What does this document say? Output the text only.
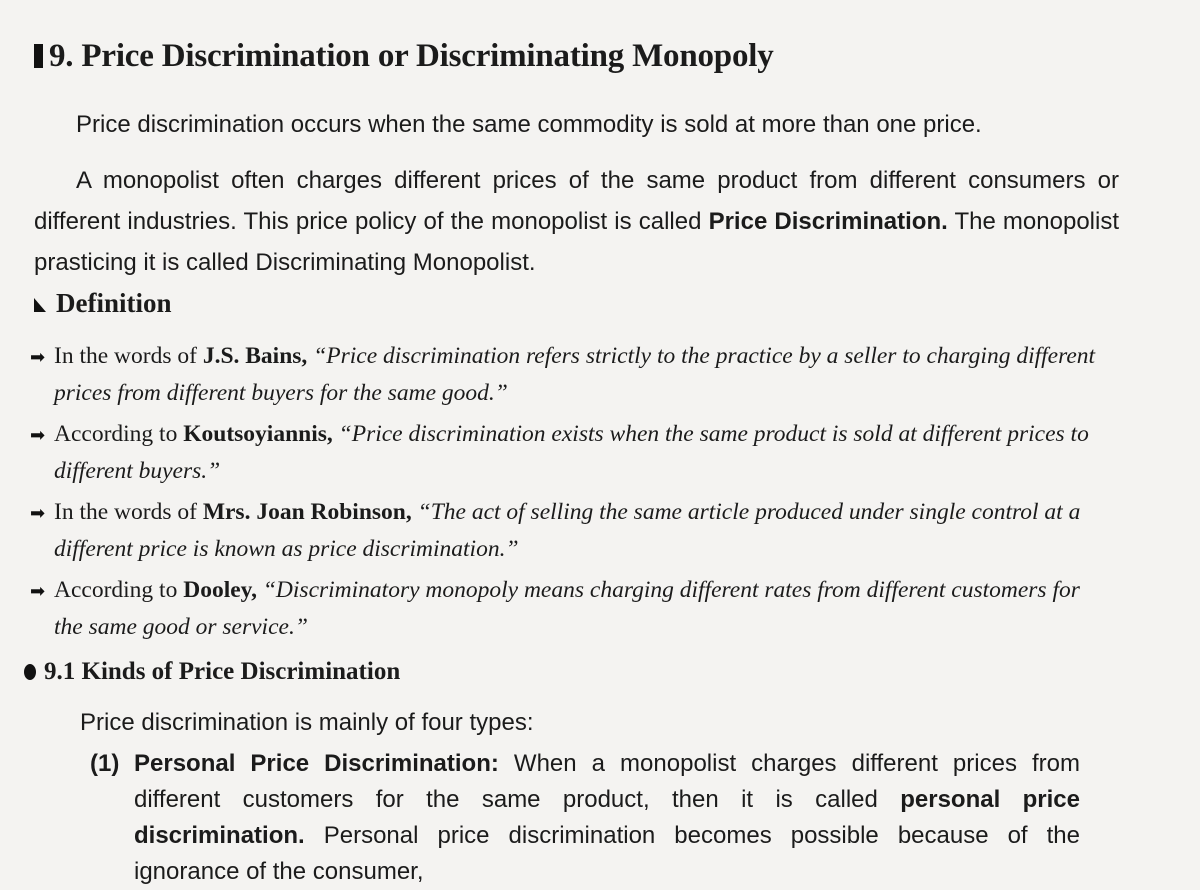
9. Price Discrimination or Discriminating Monopoly

Price discrimination occurs when the same commodity is sold at more than one price.

A monopolist often charges different prices of the same product from different consumers or different industries. This price policy of the monopolist is called Price Discrimination. The monopolist prasticing it is called Discriminating Monopolist.

Definition
➡ In the words of J.S. Bains, “Price discrimination refers strictly to the practice by a seller to charging different prices from different buyers for the same good.”
➡ According to Koutsoyiannis, “Price discrimination exists when the same product is sold at different prices to different buyers.”
➡ In the words of Mrs. Joan Robinson, “The act of selling the same article produced under single control at a different price is known as price discrimination.”
➡ According to Dooley, “Discriminatory monopoly means charging different rates from different customers for the same good or service.”
9.1 Kinds of Price Discrimination

Price discrimination is mainly of four types:

(1) Personal Price Discrimination: When a monopolist charges different prices from different customers for the same product, then it is called personal price discrimination. Personal price discrimination becomes possible because of the ignorance of the consumer,
